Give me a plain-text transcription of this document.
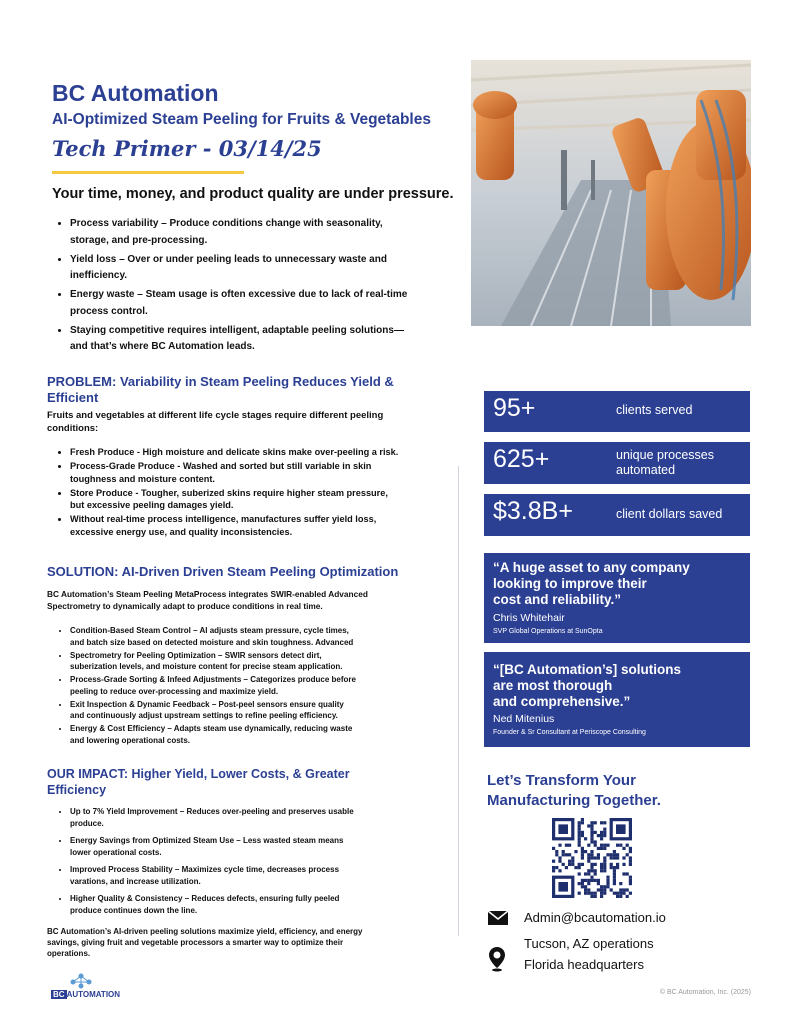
BC Automation
AI-Optimized Steam Peeling for Fruits & Vegetables
Tech Primer - 03/14/25
Your time, money, and product quality are under pressure.
• Process variability – Produce conditions change with seasonality,
storage, and pre-processing.
• Yield loss – Over or under peeling leads to unnecessary waste and
inefficiency.
• Energy waste – Steam usage is often excessive due to lack of real-time
process control.
• Staying competitive requires intelligent, adaptable peeling solutions—
and that’s where BC Automation leads.
PROBLEM: Variability in Steam Peeling Reduces Yield &
Efficient
Fruits and vegetables at different life cycle stages require different peeling
conditions:
• Fresh Produce - High moisture and delicate skins make over-peeling a risk.
• Process-Grade Produce - Washed and sorted but still variable in skin
toughness and moisture content.
• Store Produce - Tougher, suberized skins require higher steam pressure,
but excessive peeling damages yield.
• Without real-time process intelligence, manufactures suffer yield loss,
excessive energy use, and quality inconsistencies.
SOLUTION: AI-Driven Driven Steam Peeling Optimization
BC Automation’s Steam Peeling MetaProcess integrates SWIR-enabled Advanced
Spectrometry to dynamically adapt to produce conditions in real time.
• Condition-Based Steam Control – AI adjusts steam pressure, cycle times,
and batch size based on detected moisture and skin toughness. Advanced
• Spectrometry for Peeling Optimization – SWIR sensors detect dirt,
suberization levels, and moisture content for precise steam application.
• Process-Grade Sorting & Infeed Adjustments – Categorizes produce before
peeling to reduce over-processing and maximize yield.
• Exit Inspection & Dynamic Feedback – Post-peel sensors ensure quality
and continuously adjust upstream settings to refine peeling efficiency.
• Energy & Cost Efficiency – Adapts steam use dynamically, reducing waste
and lowering operational costs.
OUR IMPACT: Higher Yield, Lower Costs, & Greater
Efficiency
• Up to 7% Yield Improvement – Reduces over-peeling and preserves usable
produce.
• Energy Savings from Optimized Steam Use – Less wasted steam means
lower operational costs.
• Improved Process Stability – Maximizes cycle time, decreases process
varations, and increase utilization.
• Higher Quality & Consistency – Reduces defects, ensuring fully peeled
produce continues down the line.
BC Automation’s AI-driven peeling solutions maximize yield, efficiency, and energy
savings, giving fruit and vegetable processors a smarter way to optimize their
operations.
BC AUTOMATION
95+	clients served
625+	unique processes
automated
$3.8B+	client dollars saved
“A huge asset to any company
looking to improve their
cost and reliability.”
Chris Whitehair
SVP Global Operations at SunOpta
“[BC Automation’s] solutions
are most thorough
and comprehensive.”
Ned Mitenius
Founder & Sr Consultant at Periscope Consulting
Let’s Transform Your
Manufacturing Together.
Admin@bcautomation.io
Tucson, AZ operations
Florida headquarters
© BC Automation, Inc. (2025)
